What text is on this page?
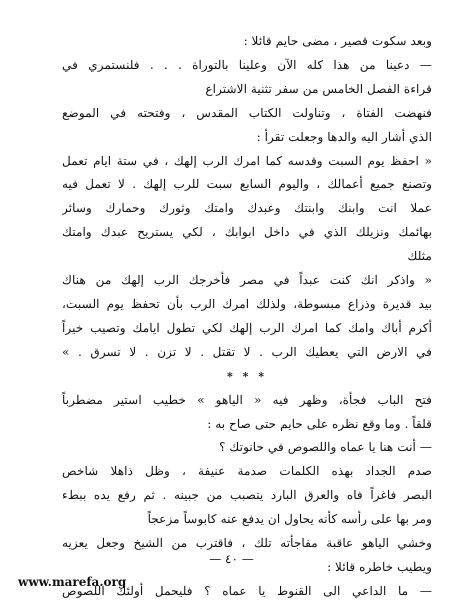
وبعد سكوت قصير ، مضى حايم قائلا :
— دعينا من هذا كله الآن وعلينا بالتوراة . . . فلنستمري في
قراءة الفصل الخامس من سفر تثنية الاشتراع
فنهضت الفتاة ، وتناولت الكتاب المقدس ، وفتحته في الموضع
الذي أشار اليه والدها وجعلت تقرأ :
« احفظ يوم السبت وقدسه كما امرك الرب إلهك ، في ستة ايام تعمل
وتصنع جميع أعمالك ، واليوم السابع سبت للرب إلهك . لا تعمل فيه
عملا انت وابنك وابنتك وعبدك وامتك وثورك وحمارك وسائر
بهائمك ونزيلك الذي في داخل ابوابك ، لكي يستريح عبدك وامتك
مثلك
« واذكر انك كنت عبداً في مصر فأخرجك الرب إلهك من هناك
بيد قديرة وذراع مبسوطة، ولذلك امرك الرب بأن تحفظ يوم السبت،
أكرم أباك وامك كما امرك الرب إلهك لكي تطول ايامك وتصيب خيراً
في الارض التي يعطيك الرب . لا تقتل . لا تزن . لا تسرق . »
* * *
فتح الباب فجأة، وظهر فيه « الياهو » خطيب استير مضطرباً
قلقاً . وما وقع نظره على حايم حتى صاح به :
— أنت هنا يا عماه واللصوص في حانوتك ؟
صدم الجداد بهذه الكلمات صدمة عنيفة ، وظل ذاهلا شاخص
البصر فاغراً فاه والعرق البارد يتصبب من جبينه . ثم رفع يده ببطء
ومر بها على رأسه كأنه يحاول ان يدفع عنه كابوساً مزعجاً
وخشي الياهو عاقبة مفاجأته تلك ، فاقترب من الشيخ وجعل يعزيه
ويطيب خاطره قائلا :
— ما الداعي الى القنوط يا عماه ؟ فليحمل أولئك اللصوص
— ٤٠ —
www.marefa.org
